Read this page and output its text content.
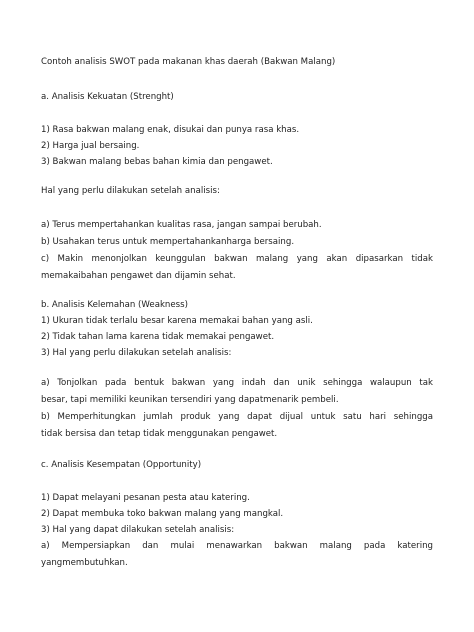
Contoh analisis SWOT pada makanan khas daerah (Bakwan Malang)
a. Analisis Kekuatan (Strenght)
1) Rasa bakwan malang enak, disukai dan punya rasa khas.
2) Harga jual bersaing.
3) Bakwan malang bebas bahan kimia dan pengawet.
Hal yang perlu dilakukan setelah analisis:
a) Terus mempertahankan kualitas rasa, jangan sampai berubah.
b) Usahakan terus untuk mempertahankanharga bersaing.
c) Makin menonjolkan keunggulan bakwan malang yang akan dipasarkan tidak
memakaibahan pengawet dan dijamin sehat.
b. Analisis Kelemahan (Weakness)
1) Ukuran tidak terlalu besar karena memakai bahan yang asli.
2) Tidak tahan lama karena tidak memakai pengawet.
3) Hal yang perlu dilakukan setelah analisis:
a) Tonjolkan pada bentuk bakwan yang indah dan unik sehingga walaupun tak
besar, tapi memiliki keunikan tersendiri yang dapatmenarik pembeli.
b) Memperhitungkan jumlah produk yang dapat dijual untuk satu hari sehingga
tidak bersisa dan tetap tidak menggunakan pengawet.
c. Analisis Kesempatan (Opportunity)
1) Dapat melayani pesanan pesta atau katering.
2) Dapat membuka toko bakwan malang yang mangkal.
3) Hal yang dapat dilakukan setelah analisis:
a) Mempersiapkan dan mulai menawarkan bakwan malang pada katering
yangmembutuhkan.
